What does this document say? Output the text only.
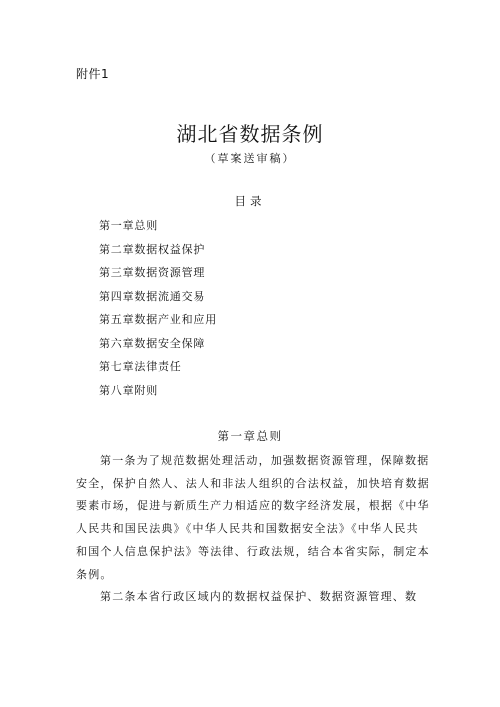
附件1
湖北省数据条例
（草案送审稿）
目录
第一章总则
第二章数据权益保护
第三章数据资源管理
第四章数据流通交易
第五章数据产业和应用
第六章数据安全保障
第七章法律责任
第八章附则
第一章总则

第一条为了规范数据处理活动，加强数据资源管理，保障数据安全，保护自然人、法人和非法人组织的合法权益，加快培育数据要素市场，促进与新质生产力相适应的数字经济发展，根据《中华人民共和国民法典》《中华人民共和国数据安全法》《中华人民共和国个人信息保护法》等法律、行政法规，结合本省实际，制定本条例。

第二条本省行政区域内的数据权益保护、数据资源管理、数
